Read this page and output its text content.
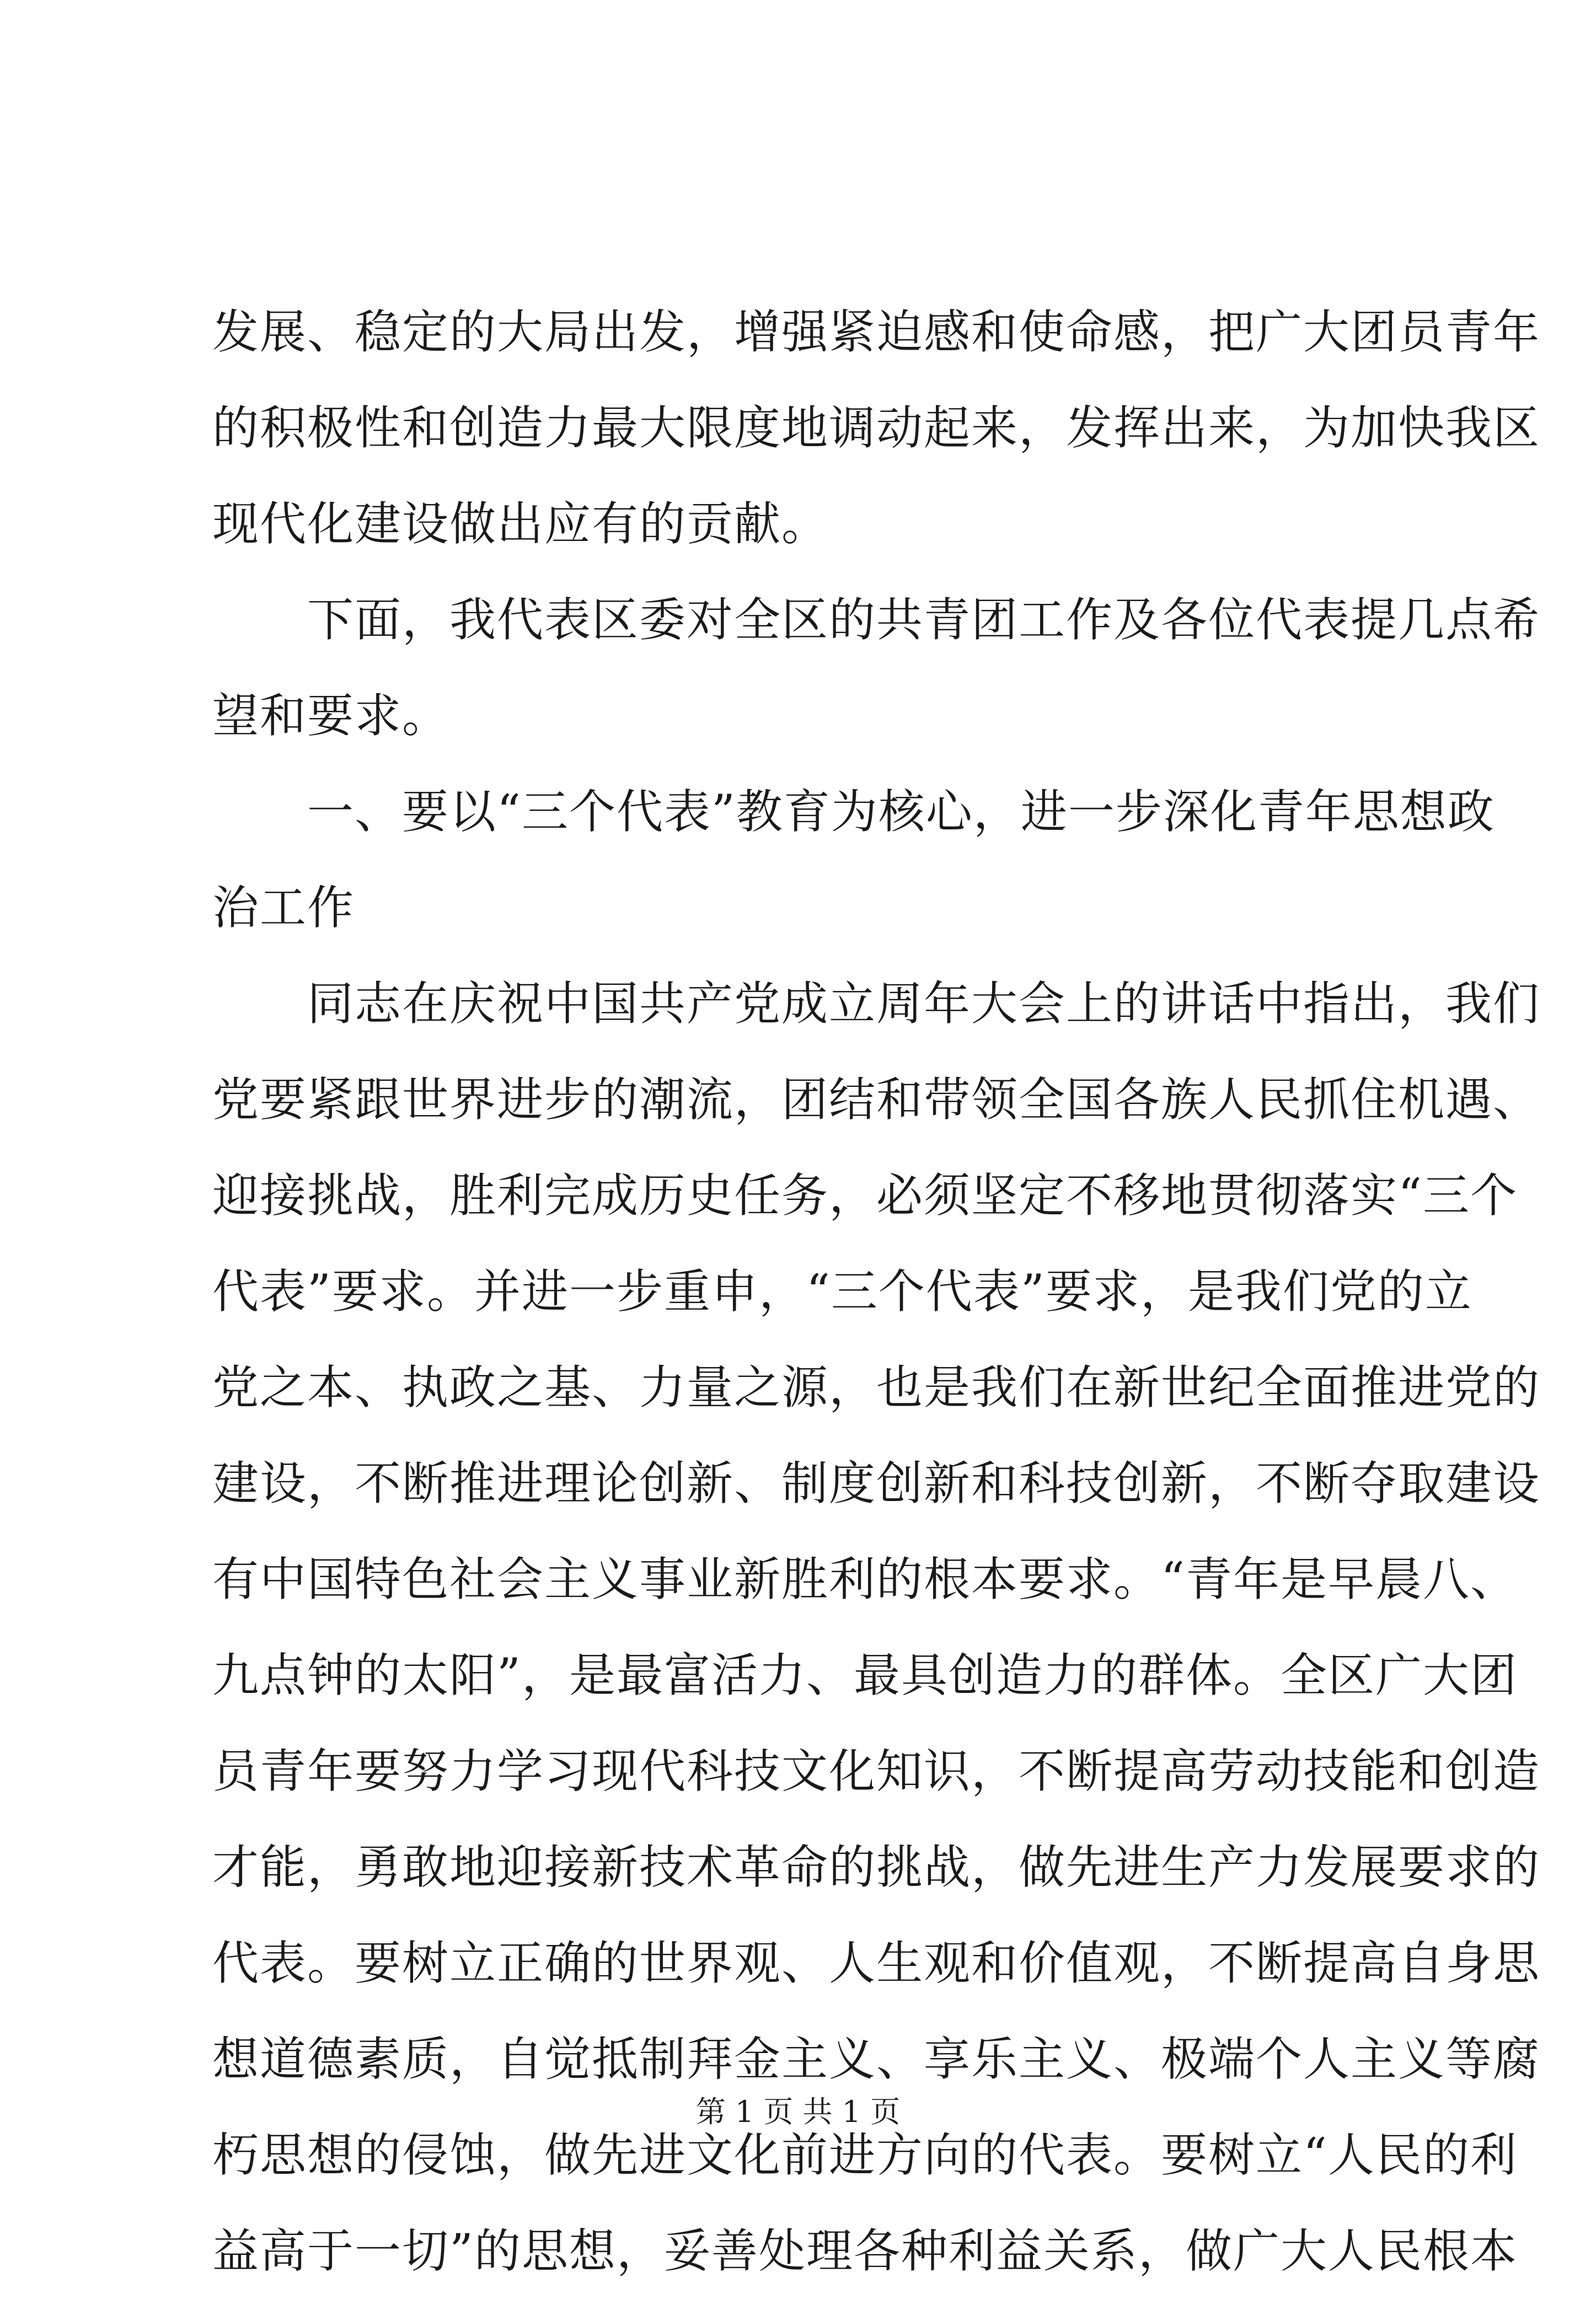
发展、稳定的大局出发，增强紧迫感和使命感，把广大团员青年
的积极性和创造力最大限度地调动起来，发挥出来，为加快我区
现代化建设做出应有的贡献。
　　下面，我代表区委对全区的共青团工作及各位代表提几点希
望和要求。
　　一、要以“三个代表”教育为核心，进一步深化青年思想政
治工作
　　同志在庆祝中国共产党成立周年大会上的讲话中指出，我们
党要紧跟世界进步的潮流，团结和带领全国各族人民抓住机遇、
迎接挑战，胜利完成历史任务，必须坚定不移地贯彻落实“三个
代表”要求。并进一步重申，“三个代表”要求，是我们党的立
党之本、执政之基、力量之源，也是我们在新世纪全面推进党的
建设，不断推进理论创新、制度创新和科技创新，不断夺取建设
有中国特色社会主义事业新胜利的根本要求。“青年是早晨八、
九点钟的太阳”，是最富活力、最具创造力的群体。全区广大团
员青年要努力学习现代科技文化知识，不断提高劳动技能和创造
才能，勇敢地迎接新技术革命的挑战，做先进生产力发展要求的
代表。要树立正确的世界观、人生观和价值观，不断提高自身思
想道德素质，自觉抵制拜金主义、享乐主义、极端个人主义等腐
朽思想的侵蚀，做先进文化前进方向的代表。要树立“人民的利
益高于一切”的思想，妥善处理各种利益关系，做广大人民根本
第 1 页 共 1 页
